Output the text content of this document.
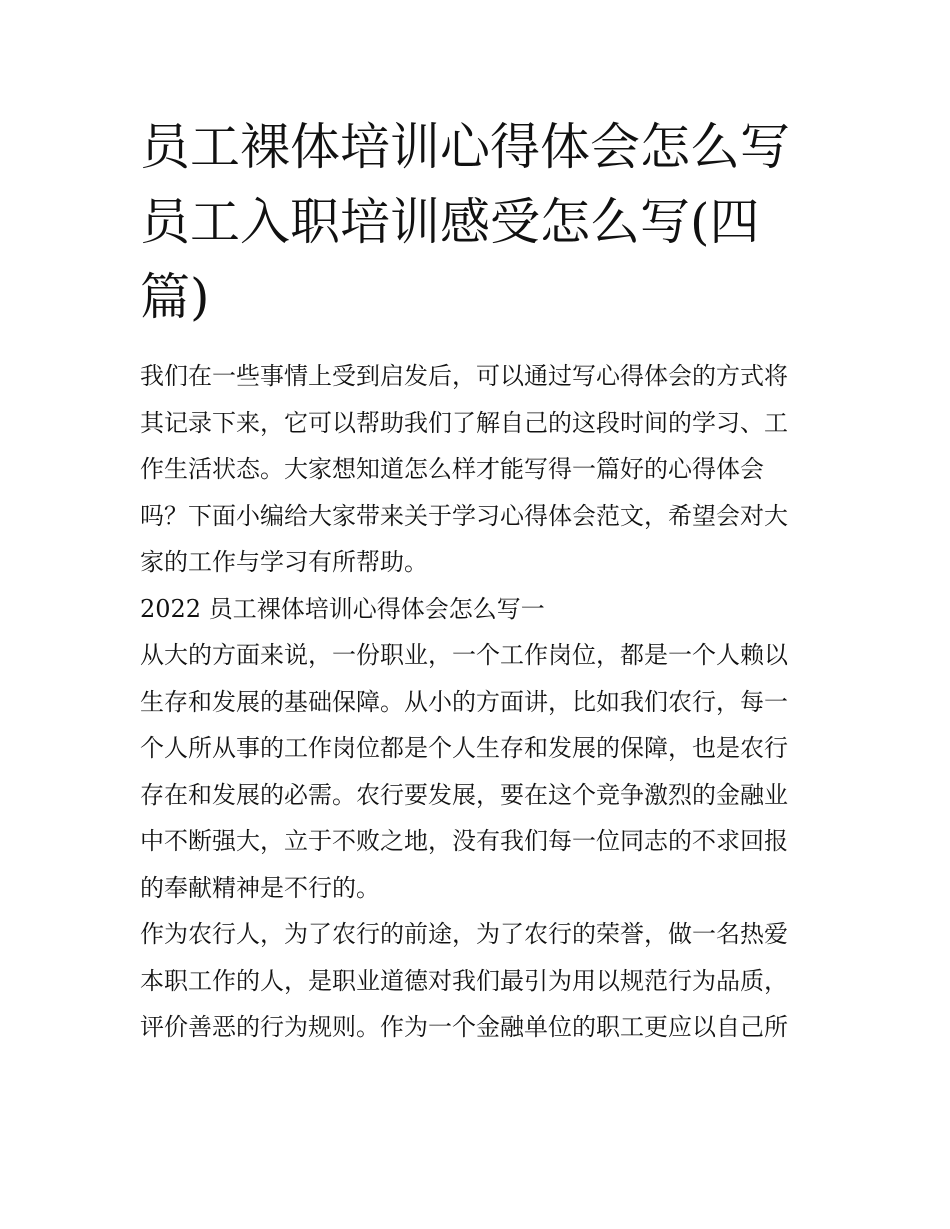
员工裸体培训心得体会怎么写
员工入职培训感受怎么写(四
篇)

我们在一些事情上受到启发后，可以通过写心得体会的方式将
其记录下来，它可以帮助我们了解自己的这段时间的学习、工
作生活状态。大家想知道怎么样才能写得一篇好的心得体会
吗？下面小编给大家带来关于学习心得体会范文，希望会对大
家的工作与学习有所帮助。

2022 员工裸体培训心得体会怎么写一

从大的方面来说，一份职业，一个工作岗位，都是一个人赖以
生存和发展的基础保障。从小的方面讲，比如我们农行，每一
个人所从事的工作岗位都是个人生存和发展的保障，也是农行
存在和发展的必需。农行要发展，要在这个竞争激烈的金融业
中不断强大，立于不败之地，没有我们每一位同志的不求回报
的奉献精神是不行的。

作为农行人，为了农行的前途，为了农行的荣誉，做一名热爱
本职工作的人，是职业道德对我们最引为用以规范行为品质，
评价善恶的行为规则。作为一个金融单位的职工更应以自己所
